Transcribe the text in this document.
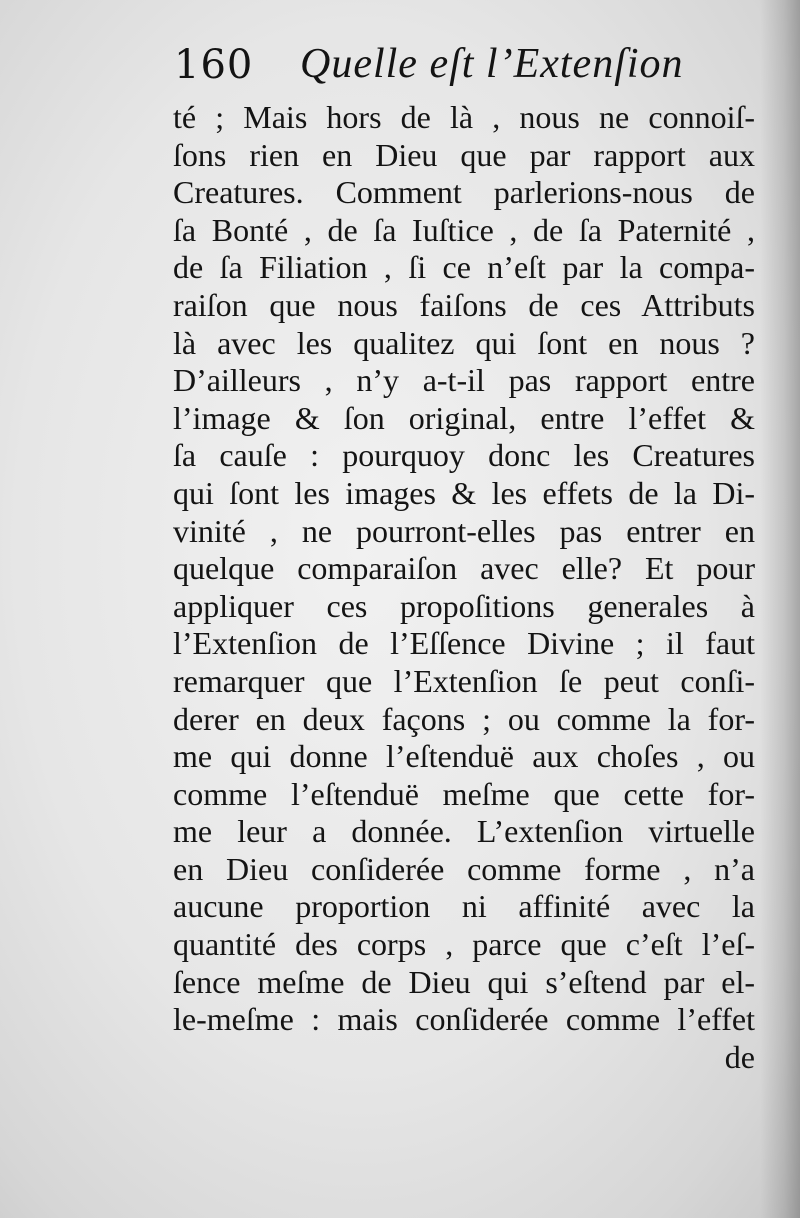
160 Quelle eſt l’Extenſion
té ; Mais hors de là , nous ne connoiſ-
ſons rien en Dieu que par rapport aux
Creatures. Comment parlerions-nous de
ſa Bonté , de ſa Iuſtice , de ſa Paternité ,
de ſa Filiation , ſi ce n’eſt par la compa-
raiſon que nous faiſons de ces Attributs
là avec les qualitez qui ſont en nous ?
D’ailleurs , n’y a-t-il pas rapport entre
l’image & ſon original, entre l’effet &
ſa cauſe : pourquoy donc les Creatures
qui ſont les images & les effets de la Di-
vinité , ne pourront-elles pas entrer en
quelque comparaiſon avec elle? Et pour
appliquer ces propoſitions generales à
l’Extenſion de l’Eſſence Divine ; il faut
remarquer que l’Extenſion ſe peut conſi-
derer en deux façons ; ou comme la for-
me qui donne l’eſtenduë aux choſes , ou
comme l’eſtenduë meſme que cette for-
me leur a donnée. L’extenſion virtuelle
en Dieu conſiderée comme forme , n’a
aucune proportion ni affinité avec la
quantité des corps , parce que c’eſt l’eſ-
ſence meſme de Dieu qui s’eſtend par el-
le-meſme : mais conſiderée comme l’effet
de
